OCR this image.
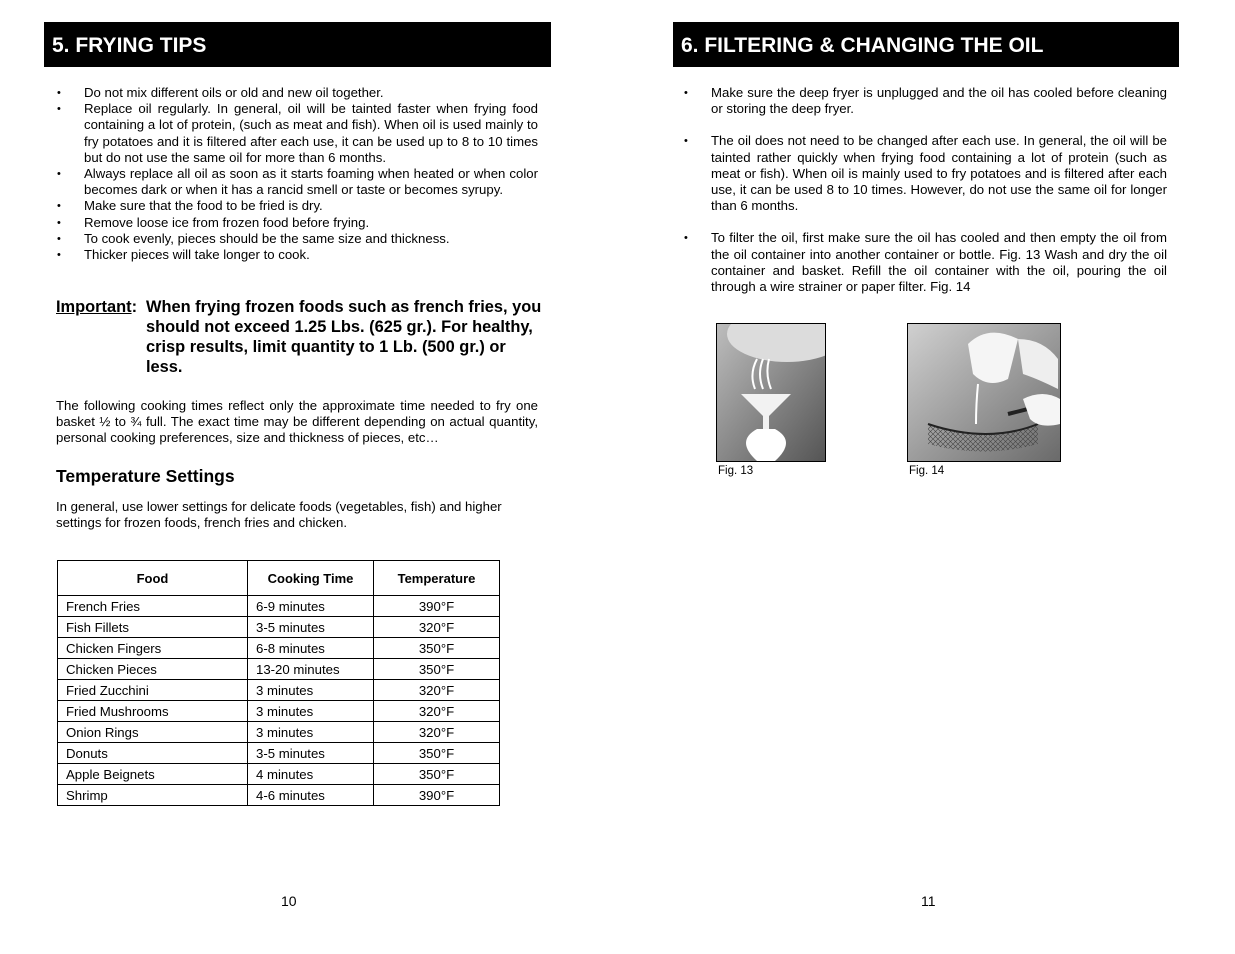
5. FRYING TIPS
• Do not mix different oils or old and new oil together.
• Replace oil regularly. In general, oil will be tainted faster when frying food containing a lot of protein, (such as meat and fish). When oil is used mainly to fry potatoes and it is filtered after each use, it can be used up to 8 to 10 times but do not use the same oil for more than 6 months.
• Always replace all oil as soon as it starts foaming when heated or when color becomes dark or when it has a rancid smell or taste or becomes syrupy.
• Make sure that the food to be fried is dry.
• Remove loose ice from frozen food before frying.
• To cook evenly, pieces should be the same size and thickness.
• Thicker pieces will take longer to cook.
Important: When frying frozen foods such as french fries, you should not exceed 1.25 Lbs. (625 gr.). For healthy, crisp results, limit quantity to 1 Lb. (500 gr.) or less.
The following cooking times reflect only the approximate time needed to fry one basket ½ to ¾ full. The exact time may be different depending on actual quantity, personal cooking preferences, size and thickness of pieces, etc…
Temperature Settings
In general, use lower settings for delicate foods (vegetables, fish) and higher settings for frozen foods, french fries and chicken.
Food	Cooking Time	Temperature
French Fries	6-9 minutes	390°F
Fish Fillets	3-5 minutes	320°F
Chicken Fingers	6-8 minutes	350°F
Chicken Pieces	13-20 minutes	350°F
Fried Zucchini	3 minutes	320°F
Fried Mushrooms	3 minutes	320°F
Onion Rings	3 minutes	320°F
Donuts	3-5 minutes	350°F
Apple Beignets	4 minutes	350°F
Shrimp	4-6 minutes	390°F
10
6. FILTERING & CHANGING THE OIL
• Make sure the deep fryer is unplugged and the oil has cooled before cleaning or storing the deep fryer.
• The oil does not need to be changed after each use. In general, the oil will be tainted rather quickly when frying food containing a lot of protein (such as meat or fish). When oil is mainly used to fry potatoes and is filtered after each use, it can be used 8 to 10 times. However, do not use the same oil for longer than 6 months.
• To filter the oil, first make sure the oil has cooled and then empty the oil from the oil container into another container or bottle. Fig. 13 Wash and dry the oil container and basket. Refill the oil container with the oil, pouring the oil through a wire strainer or paper filter. Fig. 14
Fig. 13	Fig. 14
11
